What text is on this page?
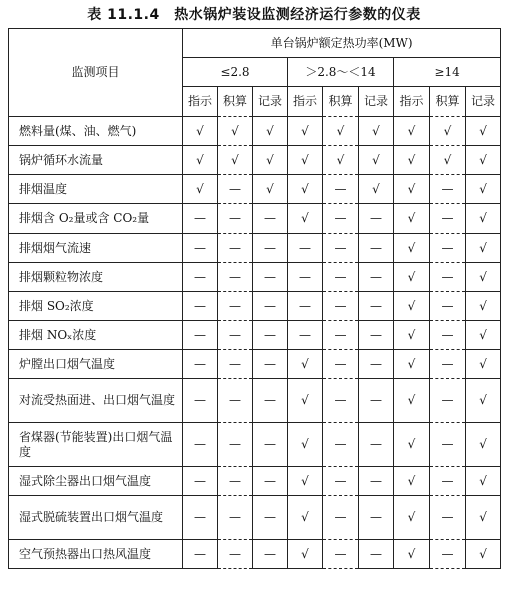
表 11.1.4　热水锅炉装设监测经济运行参数的仪表
监测项目	单台锅炉额定热功率(MW)								
	≤2.8			＞2.8～＜14			≥14		
	指示	积算	记录	指示	积算	记录	指示	积算	记录
燃料量(煤、油、燃气)	√	√	√	√	√	√	√	√	√
锅炉循环水流量	√	√	√	√	√	√	√	√	√
排烟温度	√	—	√	√	—	√	√	—	√
排烟含 O₂量或含 CO₂量	—	—	—	√	—	—	√	—	√
排烟烟气流速	—	—	—	—	—	—	√	—	√
排烟颗粒物浓度	—	—	—	—	—	—	√	—	√
排烟 SO₂浓度	—	—	—	—	—	—	√	—	√
排烟 NOₓ浓度	—	—	—	—	—	—	√	—	√
炉膛出口烟气温度	—	—	—	√	—	—	√	—	√
对流受热面进、出口烟气温度	—	—	—	√	—	—	√	—	√
省煤器(节能装置)出口烟气温度	—	—	—	√	—	—	√	—	√
湿式除尘器出口烟气温度	—	—	—	√	—	—	√	—	√
湿式脱硫装置出口烟气温度	—	—	—	√	—	—	√	—	√
空气预热器出口热风温度	—	—	—	√	—	—	√	—	√
